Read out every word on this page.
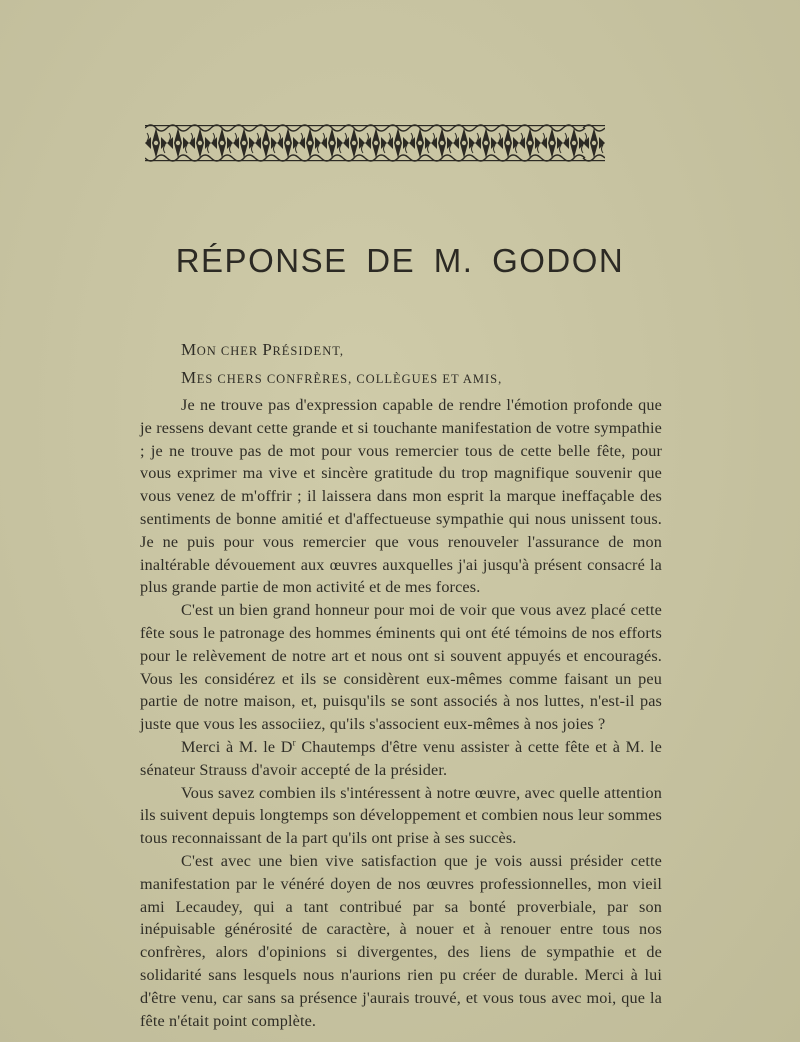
RÉPONSE DE M. GODON
MON CHER PRÉSIDENT,
MES CHERS CONFRÈRES, COLLÈGUES ET AMIS,

Je ne trouve pas d'expression capable de rendre l'émotion profonde que je ressens devant cette grande et si touchante manifestation de votre sympathie ; je ne trouve pas de mot pour vous remercier tous de cette belle fête, pour vous exprimer ma vive et sincère gratitude du trop magnifique souvenir que vous venez de m'offrir ; il laissera dans mon esprit la marque ineffaçable des sentiments de bonne amitié et d'affectueuse sympathie qui nous unissent tous. Je ne puis pour vous remercier que vous renouveler l'assurance de mon inaltérable dévouement aux œuvres auxquelles j'ai jusqu'à présent consacré la plus grande partie de mon activité et de mes forces.

C'est un bien grand honneur pour moi de voir que vous avez placé cette fête sous le patronage des hommes éminents qui ont été témoins de nos efforts pour le relèvement de notre art et nous ont si souvent appuyés et encouragés. Vous les considérez et ils se considèrent eux-mêmes comme faisant un peu partie de notre maison, et, puisqu'ils se sont associés à nos luttes, n'est-il pas juste que vous les associiez, qu'ils s'associent eux-mêmes à nos joies ?

Merci à M. le $D^r$ Chautemps d'être venu assister à cette fête et à M. le sénateur Strauss d'avoir accepté de la présider.

Vous savez combien ils s'intéressent à notre œuvre, avec quelle attention ils suivent depuis longtemps son développement et combien nous leur sommes tous reconnaissant de la part qu'ils ont prise à ses succès.

C'est avec une bien vive satisfaction que je vois aussi présider cette manifestation par le vénéré doyen de nos œuvres professionnelles, mon vieil ami Lecaudey, qui a tant contribué par sa bonté proverbiale, par son inépuisable générosité de caractère, à nouer et à renouer entre tous nos confrères, alors d'opinions si divergentes, des liens de sympathie et de solidarité sans lesquels nous n'aurions rien pu créer de durable. Merci à lui d'être venu, car sans sa présence j'aurais trouvé, et vous tous avec moi, que la fête n'était point complète.
